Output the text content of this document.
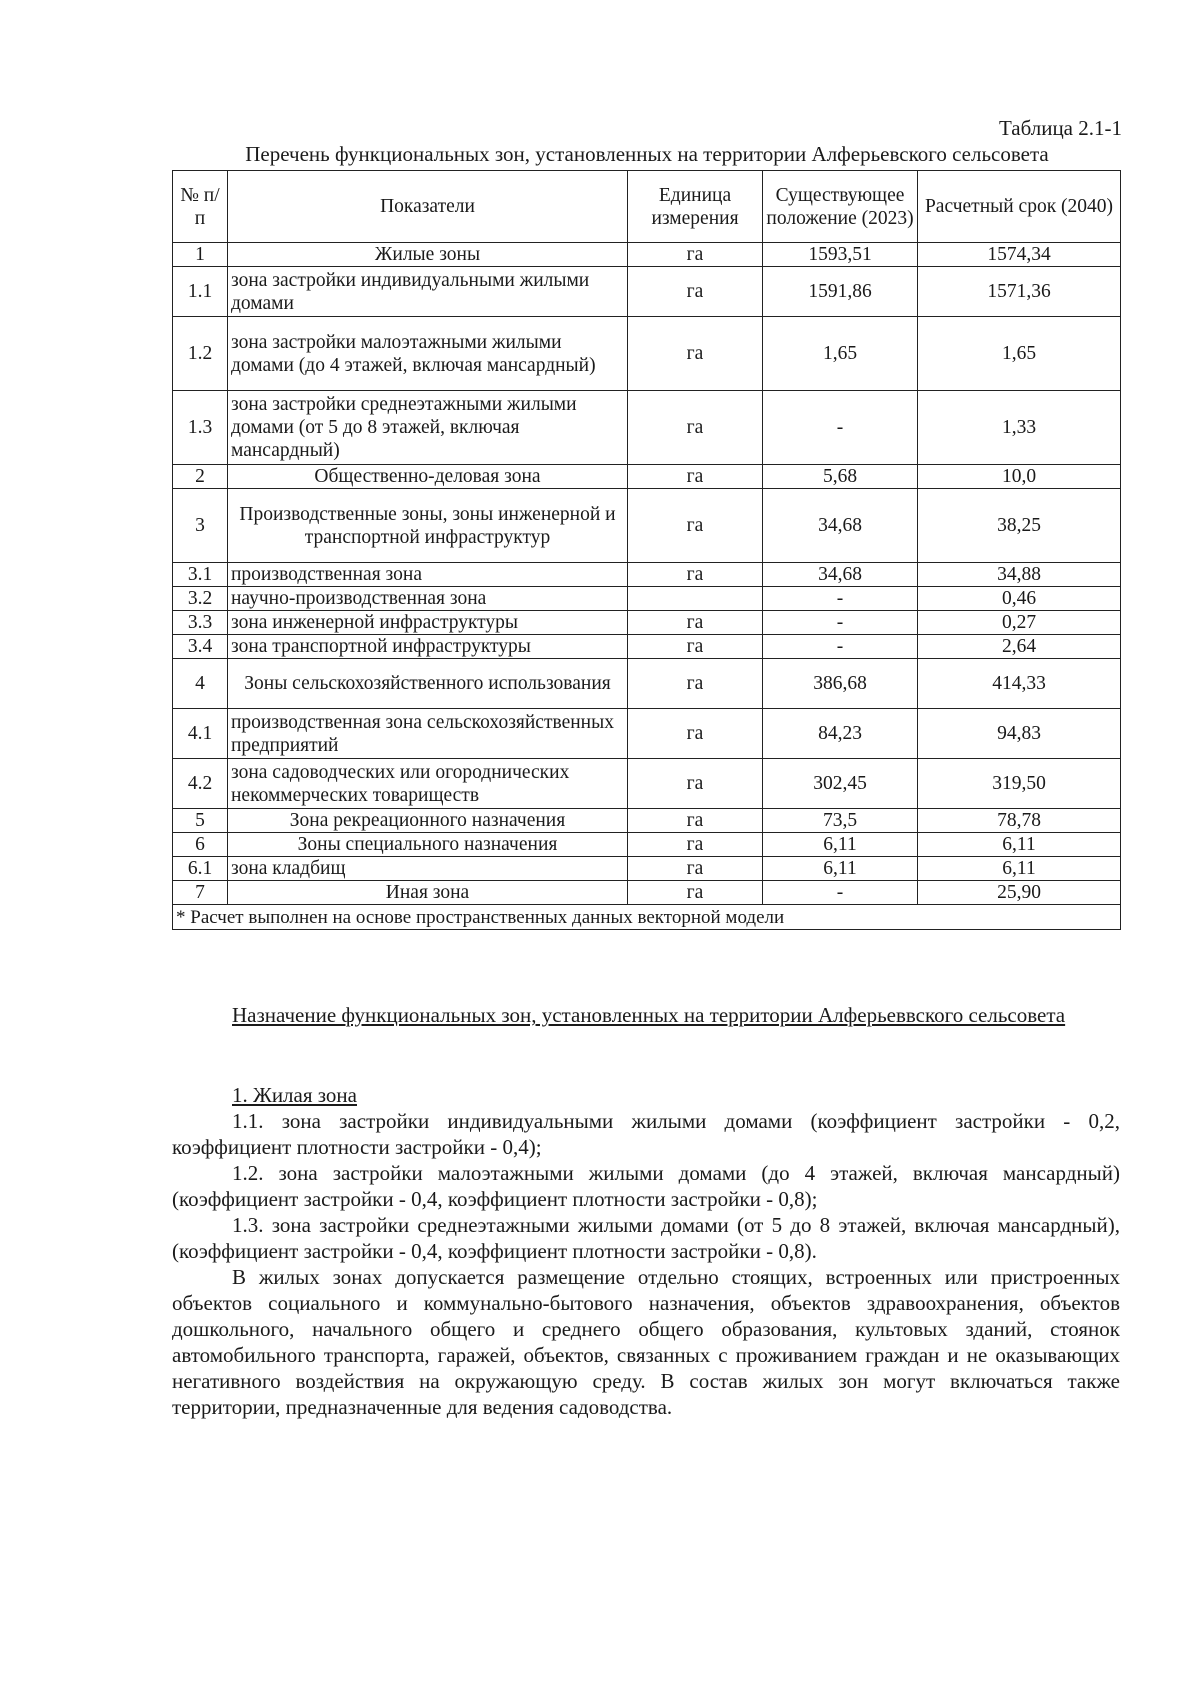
Таблица 2.1-1
Перечень функциональных зон, установленных на территории Алферьевского сельсовета
№ п/п	Показатели	Единица измерения	Существующее положение (2023)	Расчетный срок (2040)
1	Жилые зоны	га	1593,51	1574,34
1.1	зона застройки индивидуальными жилыми домами	га	1591,86	1571,36
1.2	зона застройки малоэтажными жилыми домами (до 4 этажей, включая мансардный)	га	1,65	1,65
1.3	зона застройки среднеэтажными жилыми домами (от 5 до 8 этажей, включая мансардный)	га	-	1,33
2	Общественно-деловая зона	га	5,68	10,0
3	Производственные зоны, зоны инженерной и транспортной инфраструктур	га	34,68	38,25
3.1	производственная зона	га	34,68	34,88
3.2	научно-производственная зона		-	0,46
3.3	зона инженерной инфраструктуры	га	-	0,27
3.4	зона транспортной инфраструктуры	га	-	2,64
4	Зоны сельскохозяйственного использования	га	386,68	414,33
4.1	производственная зона сельскохозяйственных предприятий	га	84,23	94,83
4.2	зона садоводческих или огороднических некоммерческих товариществ	га	302,45	319,50
5	Зона рекреационного назначения	га	73,5	78,78
6	Зоны специального назначения	га	6,11	6,11
6.1	зона кладбищ	га	6,11	6,11
7	Иная зона	га	-	25,90
* Расчет выполнен на основе пространственных данных векторной модели				

Назначение функциональных зон, установленных на территории Алферьеввского сельсовета

1. Жилая зона

1.1. зона застройки индивидуальными жилыми домами (коэффициент застройки - 0,2, коэффициент плотности застройки - 0,4);

1.2. зона застройки малоэтажными жилыми домами (до 4 этажей, включая мансардный) (коэффициент застройки - 0,4, коэффициент плотности застройки - 0,8);

1.3. зона застройки среднеэтажными жилыми домами (от 5 до 8 этажей, включая мансардный), (коэффициент застройки - 0,4, коэффициент плотности застройки - 0,8).

В жилых зонах допускается размещение отдельно стоящих, встроенных или пристроенных объектов социального и коммунально-бытового назначения, объектов здравоохранения, объектов дошкольного, начального общего и среднего общего образования, культовых зданий, стоянок автомобильного транспорта, гаражей, объектов, связанных с проживанием граждан и не оказывающих негативного воздействия на окружающую среду. В состав жилых зон могут включаться также территории, предназначенные для ведения садоводства.
